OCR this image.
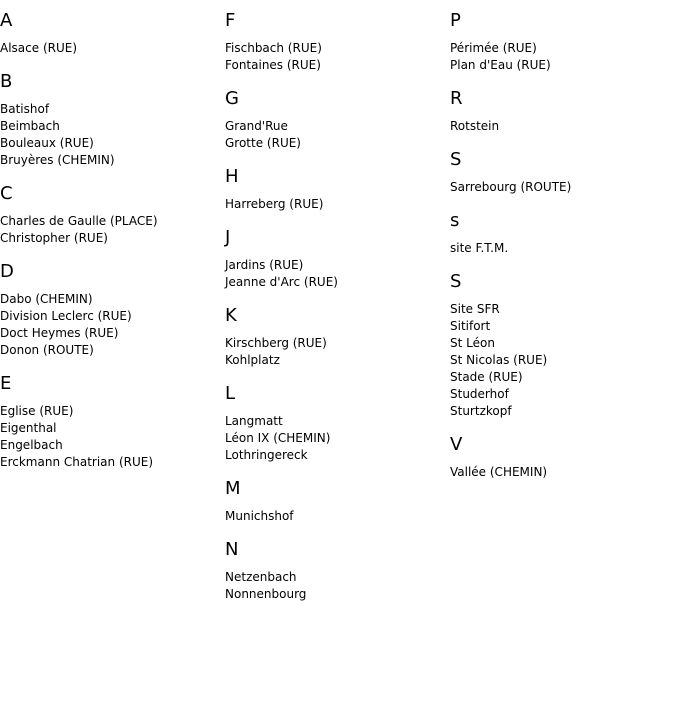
A
Alsace (RUE)
B
Batishof
Beimbach
Bouleaux (RUE)
Bruyères (CHEMIN)
C
Charles de Gaulle (PLACE)
Christopher (RUE)
D
Dabo (CHEMIN)
Division Leclerc (RUE)
Doct Heymes (RUE)
Donon (ROUTE)
E
Eglise (RUE)
Eigenthal
Engelbach
Erckmann Chatrian (RUE)
F
Fischbach (RUE)
Fontaines (RUE)
G
Grand'Rue
Grotte (RUE)
H
Harreberg (RUE)
J
Jardins (RUE)
Jeanne d'Arc (RUE)
K
Kirschberg (RUE)
Kohlplatz
L
Langmatt
Léon IX (CHEMIN)
Lothringereck
M
Munichshof
N
Netzenbach
Nonnenbourg
P
Périmée (RUE)
Plan d'Eau (RUE)
R
Rotstein
S
Sarrebourg (ROUTE)
s
site F.T.M.
S
Site SFR
Sitifort
St Léon
St Nicolas (RUE)
Stade (RUE)
Studerhof
Sturtzkopf
V
Vallée (CHEMIN)
